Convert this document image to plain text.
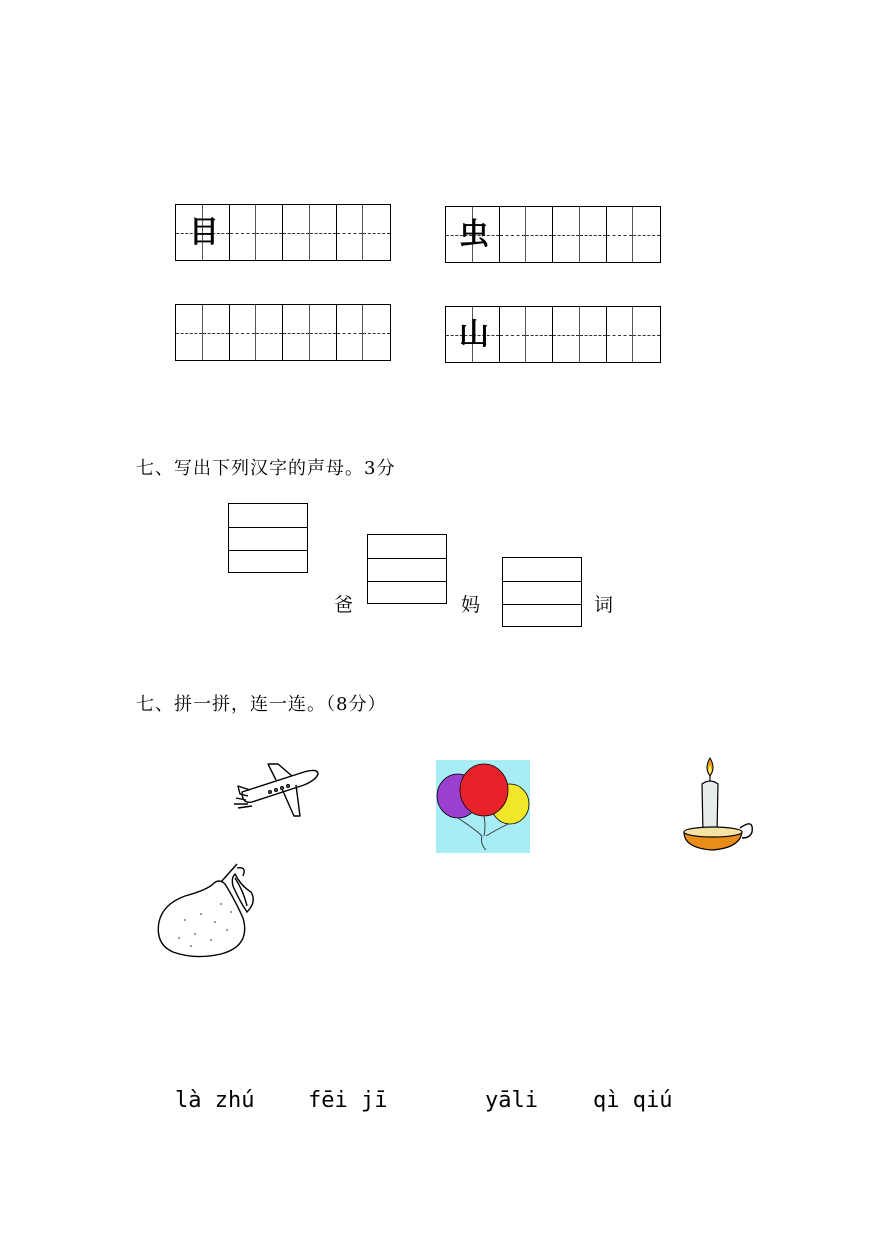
目	虫
山
七、写出下列汉字的声母。3分
爸	妈	词
七、拼一拼，连一连。（8分）
là zhú fēi jī	yāli	qì qiú
